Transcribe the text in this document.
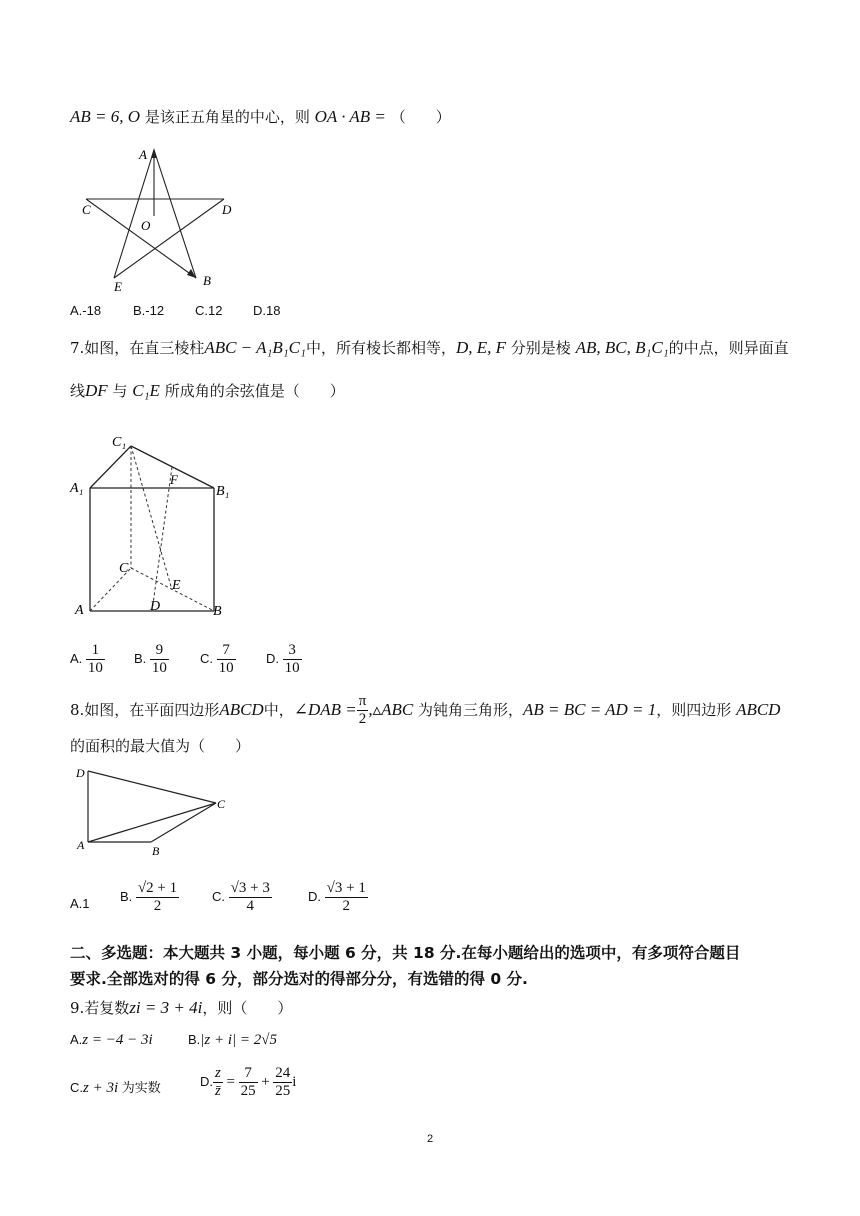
AB = 6, O 是该正五角星的中心，则 OA · AB = （　　）
A
B
C	D
E
O
A.-18 B.-12 C.12 D.18
7.如图，在直三棱柱ABC − A₁B₁C₁中，所有棱长都相等，D, E, F 分别是棱 AB, BC, B₁C₁的中点，则异面直
线DF 与 C₁E 所成角的余弦值是（　　）
C₁
A₁	B₁
F
C
E
A	D	B
A. $\frac{1}{10} B$. $\frac{9}{10} C$. $\frac{7}{10} D$. $\frac{3}{10}$
8.如图，在平面四边形ABCD中，∠DAB = $\frac{\pi}{2}$ ,▵ABC 为钝角三角形，AB = BC = AD = 1，则四边形 ABCD
的面积的最大值为（　　）
D
C
A	B
A.1 B. $\frac{√2 + 1}{2}$	C. $\frac{√3 + 3}{4}$	D. $\frac{√3 + 1}{2}$
二、多选题：本大题共 3 小题，每小题 6 分，共 18 分.在每小题给出的选项中，有多项符合题目
要求.全部选对的得 6 分，部分选对的得部分分，有选错的得 0 分.
9.若复数zi = 3 + 4i，则（　　）
A.z = −4 − 3i	B.|z + i| = 2√5
C.z + 3i 为实数	D. $\frac{z}{z̄} = \frac{7}{25} + \frac{24}{25}$ i
2
